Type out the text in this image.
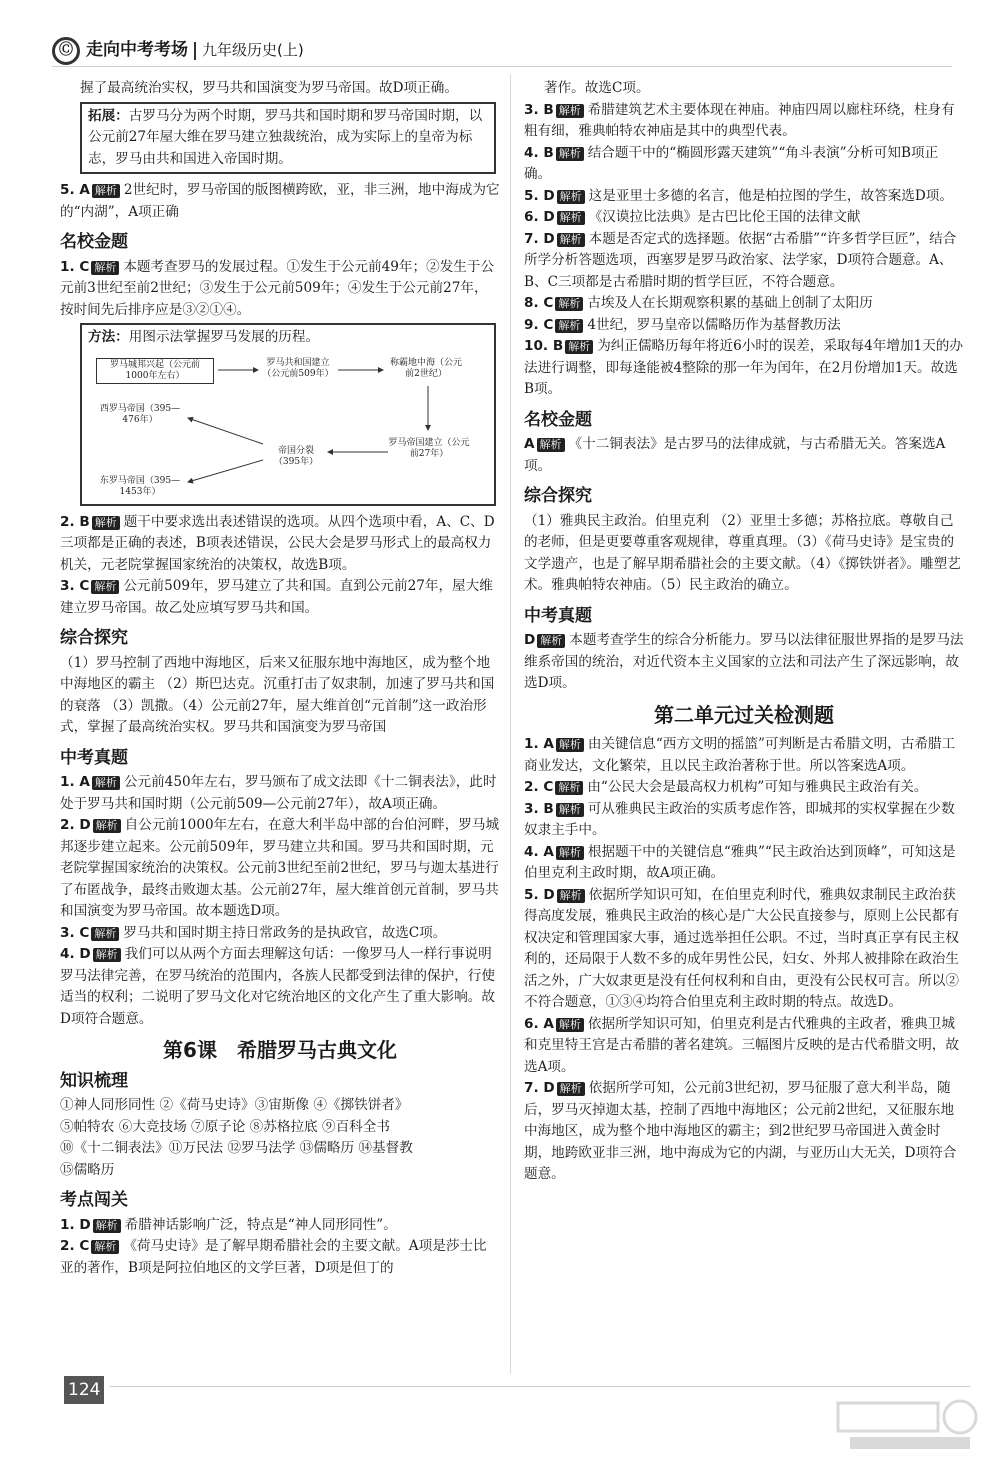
Ⓒ 走向中考考场 九年级历史(上)

握了最高统治实权，罗马共和国演变为罗马帝国。故D项正确。

拓展：古罗马分为两个时期，罗马共和国时期和罗马帝国时期，以公元前27年屋大维在罗马建立独裁统治，成为实际上的皇帝为标志，罗马由共和国进入帝国时期。

5. A 解析 2世纪时，罗马帝国的版图横跨欧，亚，非三洲，地中海成为它的“内湖”，A项正确

名校金题

1. C 解析 本题考查罗马的发展过程。①发生于公元前49年；②发生于公元前3世纪至前2世纪；③发生于公元前509年；④发生于公元前27年，按时间先后排序应是③②①④。

方法：用图示法掌握罗马发展的历程。
罗马城邦兴起（公元前1000年左右）
罗马共和国建立（公元前509年）
称霸地中海（公元前2世纪）
西罗马帝国（395—476年）
帝国分裂（395年）
罗马帝国建立（公元前27年）
东罗马帝国（395—1453年）

2. B 解析 题干中要求选出表述错误的选项。从四个选项中看，A、C、D三项都是正确的表述，B项表述错误，公民大会是罗马形式上的最高权力机关，元老院掌握国家统治的决策权，故选B项。

3. C 解析 公元前509年，罗马建立了共和国。直到公元前27年，屋大维建立罗马帝国。故乙处应填写罗马共和国。

综合探究

（1）罗马控制了西地中海地区，后来又征服东地中海地区，成为整个地中海地区的霸主 （2）斯巴达克。沉重打击了奴隶制，加速了罗马共和国的衰落 （3）凯撒。（4）公元前27年，屋大维首创“元首制”这一政治形式，掌握了最高统治实权。罗马共和国演变为罗马帝国

中考真题

1. A 解析 公元前450年左右，罗马颁布了成文法即《十二铜表法》，此时处于罗马共和国时期（公元前509—公元前27年），故A项正确。

2. D 解析 自公元前1000年左右，在意大利半岛中部的台伯河畔，罗马城邦逐步建立起来。公元前509年，罗马建立共和国。罗马共和国时期，元老院掌握国家统治的决策权。公元前3世纪至前2世纪，罗马与迦太基进行了布匿战争，最终击败迦太基。公元前27年，屋大维首创元首制，罗马共和国演变为罗马帝国。故本题选D项。

3. C 解析 罗马共和国时期主持日常政务的是执政官，故选C项。

4. D 解析 我们可以从两个方面去理解这句话：一像罗马人一样行事说明罗马法律完善，在罗马统治的范围内，各族人民都受到法律的保护，行使适当的权利；二说明了罗马文化对它统治地区的文化产生了重大影响。故D项符合题意。

第6课　希腊罗马古典文化
知识梳理

①神人同形同性 ②《荷马史诗》③宙斯像 ④《掷铁饼者》

⑤帕特农 ⑥大竞技场 ⑦原子论 ⑧苏格拉底 ⑨百科全书

⑩《十二铜表法》⑪万民法 ⑫罗马法学 ⑬儒略历 ⑭基督教

⑮儒略历

考点闯关

1. D 解析 希腊神话影响广泛，特点是“神人同形同性”。

2. C 解析 《荷马史诗》是了解早期希腊社会的主要文献。A项是莎士比亚的著作，B项是阿拉伯地区的文学巨著，D项是但丁的

著作。故选C项。

3. B 解析 希腊建筑艺术主要体现在神庙。神庙四周以廊柱环绕，柱身有粗有细，雅典帕特农神庙是其中的典型代表。

4. B 解析 结合题干中的“椭圆形露天建筑”“角斗表演”分析可知B项正确。

5. D 解析 这是亚里士多德的名言，他是柏拉图的学生，故答案选D项。

6. D 解析 《汉谟拉比法典》是古巴比伦王国的法律文献

7. D 解析 本题是否定式的选择题。依据“古希腊”“许多哲学巨匠”，结合所学分析答题选项，西塞罗是罗马政治家、法学家，D项符合题意。A、B、C三项都是古希腊时期的哲学巨匠，不符合题意。

8. C 解析 古埃及人在长期观察积累的基础上创制了太阳历

9. C 解析 4世纪，罗马皇帝以儒略历作为基督教历法

10. B 解析 为纠正儒略历每年将近6小时的误差，采取每4年增加1天的办法进行调整，即每逢能被4整除的那一年为闰年，在2月份增加1天。故选B项。

名校金题

A 解析 《十二铜表法》是古罗马的法律成就，与古希腊无关。答案选A项。

综合探究

（1）雅典民主政治。伯里克利 （2）亚里士多德；苏格拉底。尊敬自己的老师，但是更要尊重客观规律，尊重真理。（3）《荷马史诗》是宝贵的文学遗产，也是了解早期希腊社会的主要文献。（4）《掷铁饼者》。雕塑艺术。雅典帕特农神庙。（5）民主政治的确立。

中考真题

D 解析 本题考查学生的综合分析能力。罗马以法律征服世界指的是罗马法维系帝国的统治，对近代资本主义国家的立法和司法产生了深远影响，故选D项。

第二单元过关检测题

1. A 解析 由关键信息“西方文明的摇篮”可判断是古希腊文明，古希腊工商业发达，文化繁荣，且以民主政治著称于世。所以答案选A项。

2. C 解析 由“公民大会是最高权力机构”可知与雅典民主政治有关。

3. B 解析 可从雅典民主政治的实质考虑作答，即城邦的实权掌握在少数奴隶主手中。

4. A 解析 根据题干中的关键信息“雅典”“民主政治达到顶峰”，可知这是伯里克利主政时期，故A项正确。

5. D 解析 依据所学知识可知，在伯里克利时代，雅典奴隶制民主政治获得高度发展，雅典民主政治的核心是广大公民直接参与，原则上公民都有权决定和管理国家大事，通过选举担任公职。不过，当时真正享有民主权利的，还局限于人数不多的成年男性公民，妇女、外邦人被排除在政治生活之外，广大奴隶更是没有任何权利和自由，更没有公民权可言。所以②不符合题意，①③④均符合伯里克利主政时期的特点。故选D。

6. A 解析 依据所学知识可知，伯里克利是古代雅典的主政者，雅典卫城和克里特王宫是古希腊的著名建筑。三幅图片反映的是古代希腊文明，故选A项。

7. D 解析 依据所学可知，公元前3世纪初，罗马征服了意大利半岛，随后，罗马灭掉迦太基，控制了西地中海地区；公元前2世纪，又征服东地中海地区，成为整个地中海地区的霸主；到2世纪罗马帝国进入黄金时期，地跨欧亚非三洲，地中海成为它的内湖，与亚历山大无关，D项符合题意。

124
